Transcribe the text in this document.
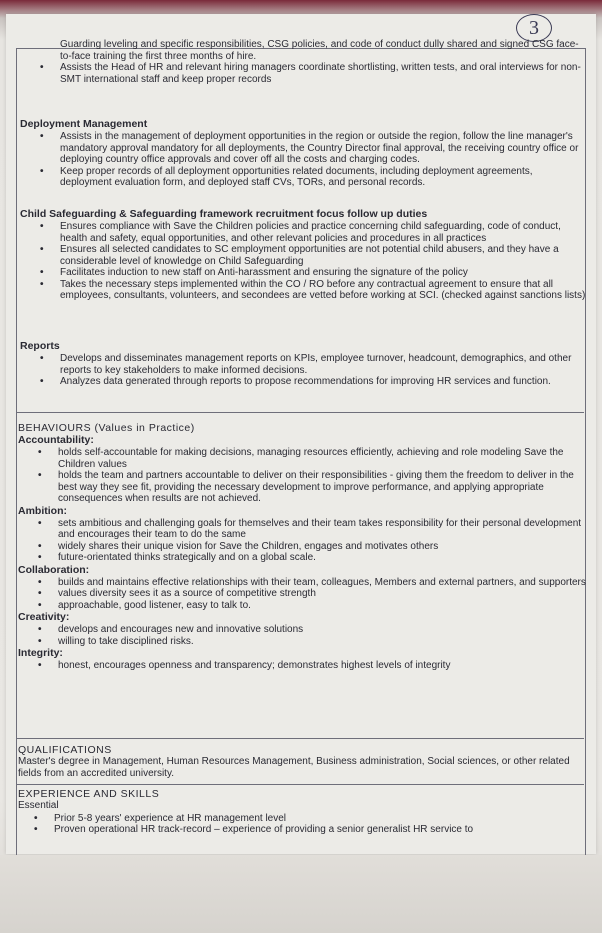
3
Guarding leveling and specific responsibilities, CSG policies, and code of conduct dully shared and signed CSG face-to-face training the first three months of hire.
• Assists the Head of HR and relevant hiring managers coordinate shortlisting, written tests, and oral interviews for non-SMT international staff and keep proper records
Deployment Management
• Assists in the management of deployment opportunities in the region or outside the region, follow the line manager's mandatory approval mandatory for all deployments, the Country Director final approval, the receiving country office or deploying country office approvals and cover off all the costs and charging codes.
• Keep proper records of all deployment opportunities related documents, including deployment agreements, deployment evaluation form, and deployed staff CVs, TORs, and personal records.
Child Safeguarding & Safeguarding framework recruitment focus follow up duties
• Ensures compliance with Save the Children policies and practice concerning child safeguarding, code of conduct, health and safety, equal opportunities, and other relevant policies and procedures in all practices
• Ensures all selected candidates to SC employment opportunities are not potential child abusers, and they have a considerable level of knowledge on Child Safeguarding
• Facilitates induction to new staff on Anti-harassment and ensuring the signature of the policy
• Takes the necessary steps implemented within the CO / RO before any contractual agreement to ensure that all employees, consultants, volunteers, and secondees are vetted before working at SCI. (checked against sanctions lists)
Reports
• Develops and disseminates management reports on KPIs, employee turnover, headcount, demographics, and other reports to key stakeholders to make informed decisions.
• Analyzes data generated through reports to propose recommendations for improving HR services and function.

BEHAVIOURS (Values in Practice)

Accountability:

• holds self-accountable for making decisions, managing resources efficiently, achieving and role modeling Save the Children values
• holds the team and partners accountable to deliver on their responsibilities - giving them the freedom to deliver in the best way they see fit, providing the necessary development to improve performance, and applying appropriate consequences when results are not achieved.

Ambition:

• sets ambitious and challenging goals for themselves and their team takes responsibility for their personal development and encourages their team to do the same
• widely shares their unique vision for Save the Children, engages and motivates others
• future-orientated thinks strategically and on a global scale.

Collaboration:

• builds and maintains effective relationships with their team, colleagues, Members and external partners, and supporters
• values diversity sees it as a source of competitive strength
• approachable, good listener, easy to talk to.

Creativity:

• develops and encourages new and innovative solutions
• willing to take disciplined risks.

Integrity:

• honest, encourages openness and transparency; demonstrates highest levels of integrity

QUALIFICATIONS

Master's degree in Management, Human Resources Management, Business administration, Social sciences, or other related fields from an accredited university.

EXPERIENCE AND SKILLS

Essential

• Prior 5-8 years' experience at HR management level
• Proven operational HR track-record – experience of providing a senior generalist HR service to
